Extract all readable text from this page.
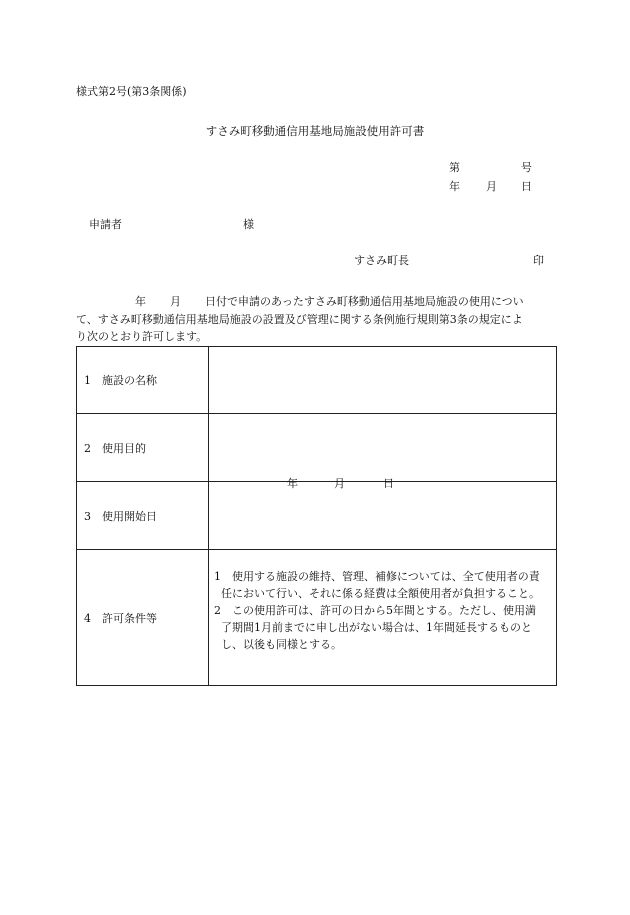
様式第2号(第3条関係)
すさみ町移動通信用基地局施設使用許可書
第	号
年 月 日
申請者	様
すさみ町長	印
年 月 日付で申請のあったすさみ町移動通信用基地局施設の使用につい
て、すさみ町移動通信用基地局施設の設置及び管理に関する条例施行規則第3条の規定によ
り次のとおり許可します。
1 施設の名称	
2 使用目的	
3 使用開始日	年 月 日

4 許可条件等	1　使用する施設の維持、管理、補修については、全て使用者の責
任において行い、それに係る経費は全額使用者が負担すること。
2　この使用許可は、許可の日から5年間とする。ただし、使用満
了期間1月前までに申し出がない場合は、1年間延長するものと
し、以後も同様とする。
